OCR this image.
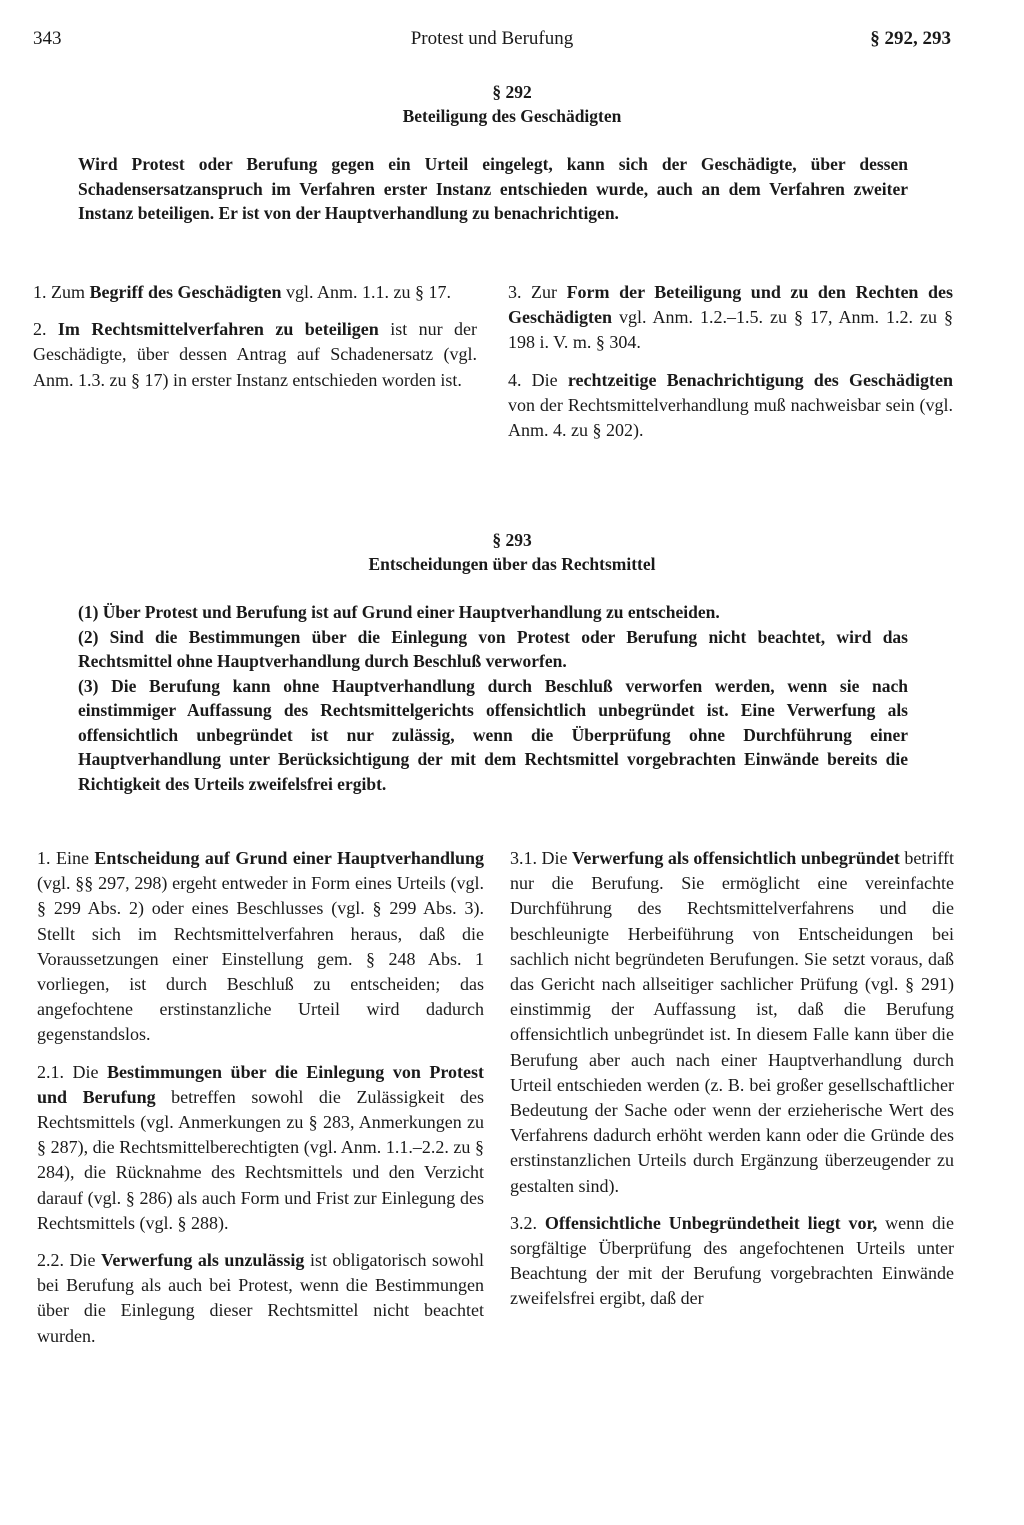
343	Protest und Berufung	§ 292, 293
§ 292
Beteiligung des Geschädigten

Wird Protest oder Berufung gegen ein Urteil eingelegt, kann sich der Geschädigte, über dessen Schadensersatzanspruch im Verfahren erster Instanz entschieden wurde, auch an dem Verfahren zweiter Instanz beteiligen. Er ist von der Hauptverhandlung zu benachrichtigen.

1. Zum Begriff des Geschädigten vgl. Anm. 1.1. zu § 17.

2. Im Rechtsmittelverfahren zu beteiligen ist nur der Geschädigte, über dessen Antrag auf Schadenersatz (vgl. Anm. 1.3. zu § 17) in erster Instanz entschieden worden ist.

3. Zur Form der Beteiligung und zu den Rechten des Geschädigten vgl. Anm. 1.2.–1.5. zu § 17, Anm. 1.2. zu § 198 i. V. m. § 304.

4. Die rechtzeitige Benachrichtigung des Geschädigten von der Rechtsmittelverhandlung muß nachweisbar sein (vgl. Anm. 4. zu § 202).

§ 293
Entscheidungen über das Rechtsmittel

(1) Über Protest und Berufung ist auf Grund einer Hauptverhandlung zu entscheiden.

(2) Sind die Bestimmungen über die Einlegung von Protest oder Berufung nicht beachtet, wird das Rechtsmittel ohne Hauptverhandlung durch Beschluß verworfen.

(3) Die Berufung kann ohne Hauptverhandlung durch Beschluß verworfen werden, wenn sie nach einstimmiger Auffassung des Rechtsmittelgerichts offensichtlich unbegründet ist. Eine Verwerfung als offensichtlich unbegründet ist nur zulässig, wenn die Überprüfung ohne Durchführung einer Hauptverhandlung unter Berücksichtigung der mit dem Rechtsmittel vorgebrachten Einwände bereits die Richtigkeit des Urteils zweifelsfrei ergibt.

1. Eine Entscheidung auf Grund einer Hauptverhandlung (vgl. §§ 297, 298) ergeht entweder in Form eines Urteils (vgl. § 299 Abs. 2) oder eines Beschlusses (vgl. § 299 Abs. 3). Stellt sich im Rechtsmittelverfahren heraus, daß die Voraussetzungen einer Einstellung gem. § 248 Abs. 1 vorliegen, ist durch Beschluß zu entscheiden; das angefochtene erstinstanzliche Urteil wird dadurch gegenstandslos.

2.1. Die Bestimmungen über die Einlegung von Protest und Berufung betreffen sowohl die Zulässigkeit des Rechtsmittels (vgl. Anmerkungen zu § 283, Anmerkungen zu § 287), die Rechtsmittelberechtigten (vgl. Anm. 1.1.–2.2. zu § 284), die Rücknahme des Rechtsmittels und den Verzicht darauf (vgl. § 286) als auch Form und Frist zur Einlegung des Rechtsmittels (vgl. § 288).

2.2. Die Verwerfung als unzulässig ist obligatorisch sowohl bei Berufung als auch bei Protest, wenn die Bestimmungen über die Einlegung dieser Rechtsmittel nicht beachtet wurden.

3.1. Die Verwerfung als offensichtlich unbegründet betrifft nur die Berufung. Sie ermöglicht eine vereinfachte Durchführung des Rechtsmittelverfahrens und die beschleunigte Herbeiführung von Entscheidungen bei sachlich nicht begründeten Berufungen. Sie setzt voraus, daß das Gericht nach allseitiger sachlicher Prüfung (vgl. § 291) einstimmig der Auffassung ist, daß die Berufung offensichtlich unbegründet ist. In diesem Falle kann über die Berufung aber auch nach einer Hauptverhandlung durch Urteil entschieden werden (z. B. bei großer gesellschaftlicher Bedeutung der Sache oder wenn der erzieherische Wert des Verfahrens dadurch erhöht werden kann oder die Gründe des erstinstanzlichen Urteils durch Ergänzung überzeugender zu gestalten sind).

3.2. Offensichtliche Unbegründetheit liegt vor, wenn die sorgfältige Überprüfung des angefochtenen Urteils unter Beachtung der mit der Berufung vorgebrachten Einwände zweifelsfrei ergibt, daß der
